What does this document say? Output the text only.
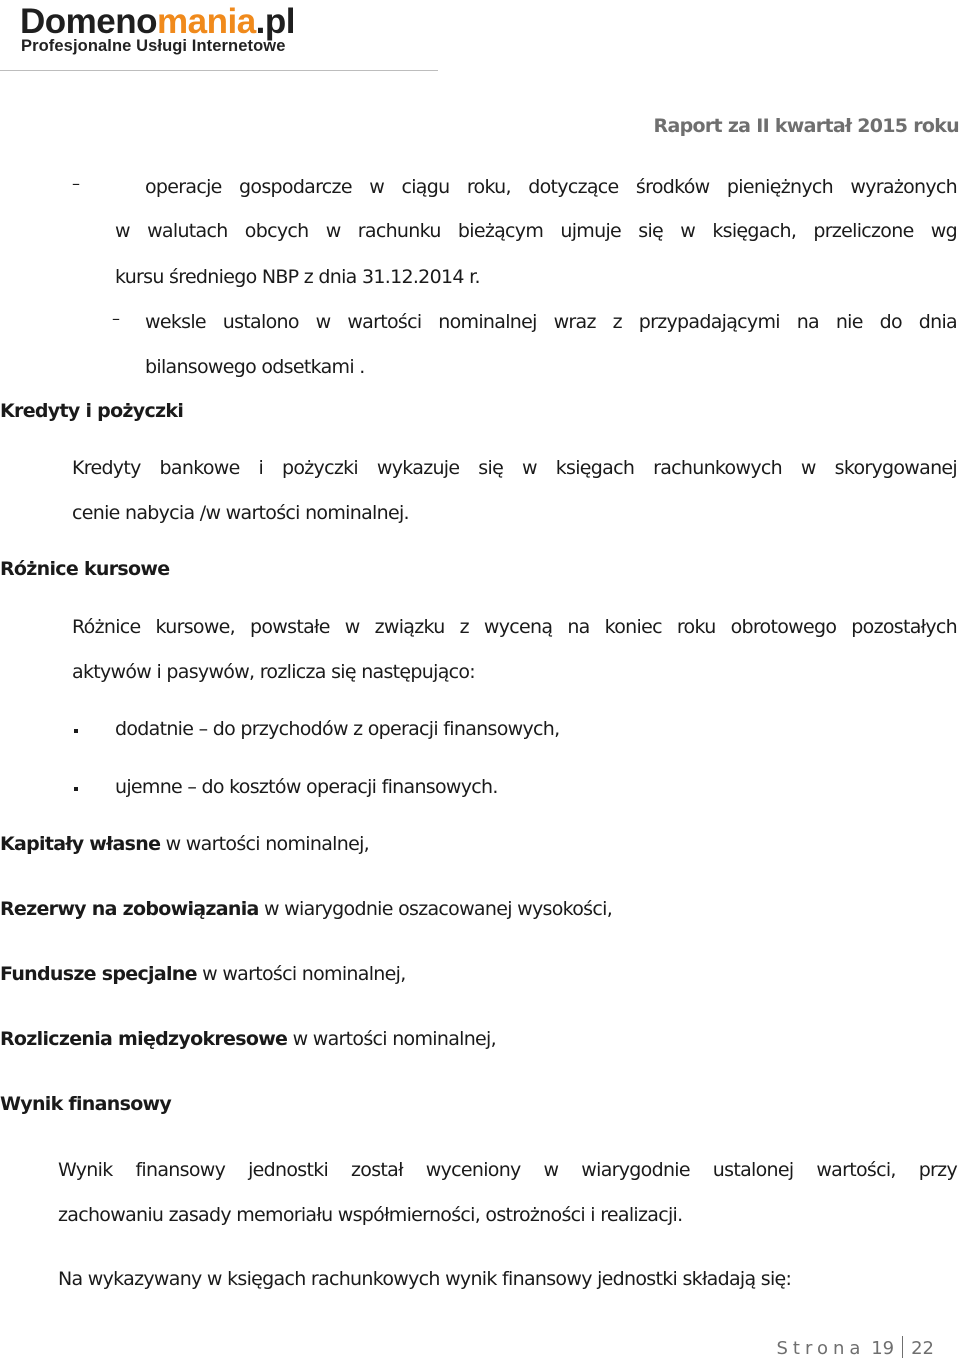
Domenomania.pl
Profesjonalne Usługi Internetowe
Raport za II kwartał 2015 roku
–	operacje gospodarcze w ciągu roku, dotyczące środków pieniężnych wyrażonych
w walutach obcych w rachunku bieżącym ujmuje się w księgach, przeliczone wg
kursu średniego NBP z dnia 31.12.2014 r.
– weksle ustalono w wartości nominalnej wraz z przypadającymi na nie do dnia
bilansowego odsetkami .
Kredyty i pożyczki
Kredyty bankowe i pożyczki wykazuje się w księgach rachunkowych w skorygowanej
cenie nabycia /w wartości nominalnej.
Różnice kursowe
Różnice kursowe, powstałe w związku z wyceną na koniec roku obrotowego pozostałych
aktywów i pasywów, rozlicza się następująco:
dodatnie – do przychodów z operacji finansowych,
ujemne – do kosztów operacji finansowych.
Kapitały własne w wartości nominalnej,
Rezerwy na zobowiązania w wiarygodnie oszacowanej wysokości,
Fundusze specjalne w wartości nominalnej,
Rozliczenia międzyokresowe w wartości nominalnej,
Wynik finansowy
Wynik finansowy jednostki został wyceniony w wiarygodnie ustalonej wartości, przy
zachowaniu zasady memoriału współmierności, ostrożności i realizacji.
Na wykazywany w księgach rachunkowych wynik finansowy jednostki składają się:
Strona 19 22
